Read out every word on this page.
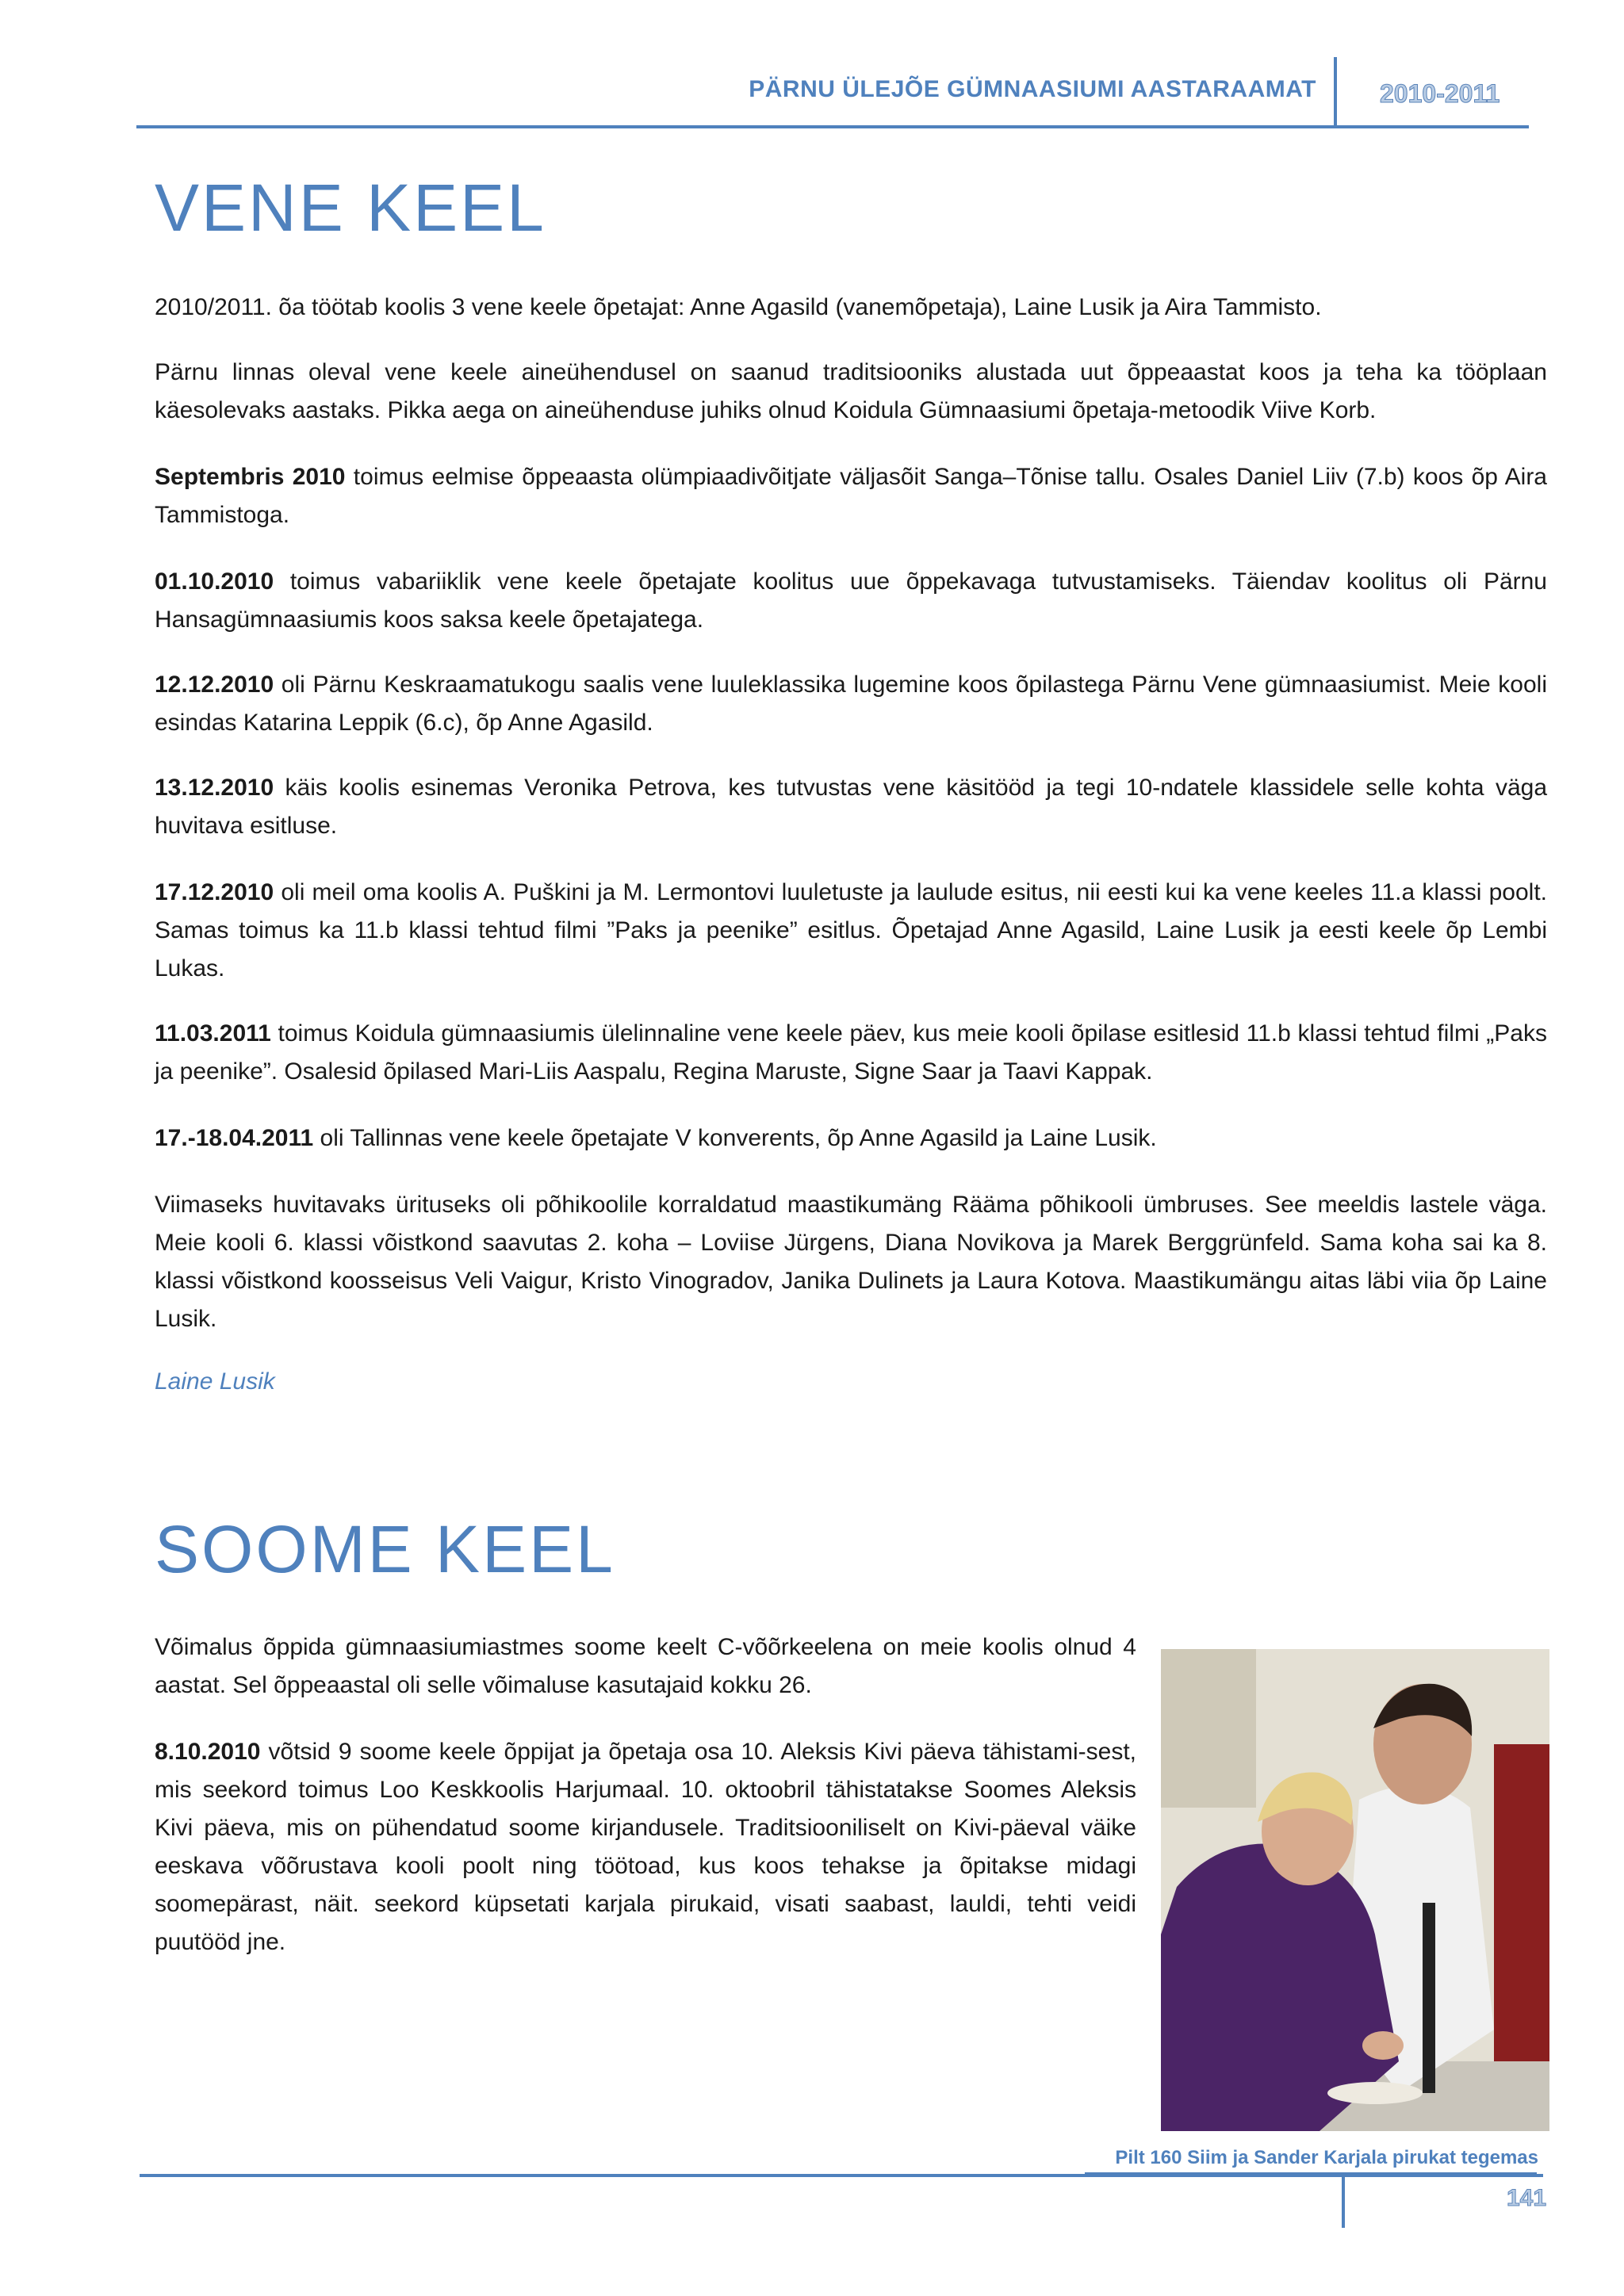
PÄRNU ÜLEJÕE GÜMNAASIUMI AASTARAAMAT	2010-2011
VENE KEEL

2010/2011. õa töötab koolis 3 vene keele õpetajat: Anne Agasild (vanemõpetaja), Laine Lusik ja Aira Tammisto.

Pärnu linnas oleval vene keele aineühendusel on saanud traditsiooniks alustada uut õppeaastat koos ja teha ka tööplaan käesolevaks aastaks. Pikka aega on aineühenduse juhiks olnud Koidula Gümnaasiumi õpetaja-metoodik Viive Korb.

Septembris 2010 toimus eelmise õppeaasta olümpiaadivõitjate väljasõit Sanga–Tõnise tallu. Osales Daniel Liiv (7.b) koos õp Aira Tammistoga.

01.10.2010 toimus vabariiklik vene keele õpetajate koolitus uue õppekavaga tutvustamiseks. Täiendav koolitus oli Pärnu Hansagümnaasiumis koos saksa keele õpetajatega.

12.12.2010 oli Pärnu Keskraamatukogu saalis vene luuleklassika lugemine koos õpilastega Pärnu Vene gümnaasiumist. Meie kooli esindas Katarina Leppik (6.c), õp Anne Agasild.

13.12.2010 käis koolis esinemas Veronika Petrova, kes tutvustas vene käsitööd ja tegi 10-ndatele klassidele selle kohta väga huvitava esitluse.

17.12.2010 oli meil oma koolis A. Puškini ja M. Lermontovi luuletuste ja laulude esitus, nii eesti kui ka vene keeles 11.a klassi poolt. Samas toimus ka 11.b klassi tehtud filmi ”Paks ja peenike” esitlus. Õpetajad Anne Agasild, Laine Lusik ja eesti keele õp Lembi Lukas.

11.03.2011 toimus Koidula gümnaasiumis ülelinnaline vene keele päev, kus meie kooli õpilase esitlesid 11.b klassi tehtud filmi „Paks ja peenike”. Osalesid õpilased Mari-Liis Aaspalu, Regina Maruste, Signe Saar ja Taavi Kappak.

17.-18.04.2011 oli Tallinnas vene keele õpetajate V konverents, õp Anne Agasild ja Laine Lusik.

Viimaseks huvitavaks ürituseks oli põhikoolile korraldatud maastikumäng Rääma põhikooli ümbruses. See meeldis lastele väga. Meie kooli 6. klassi võistkond saavutas 2. koha – Loviise Jürgens, Diana Novikova ja Marek Berggrünfeld. Sama koha sai ka 8. klassi võistkond koosseisus Veli Vaigur, Kristo Vinogradov, Janika Dulinets ja Laura Kotova. Maastikumängu aitas läbi viia õp Laine Lusik.

Laine Lusik
SOOME KEEL

Võimalus õppida gümnaasiumiastmes soome keelt C-võõrkeelena on meie koolis olnud 4 aastat. Sel õppeaastal oli selle võimaluse kasutajaid kokku 26.

8.10.2010 võtsid 9 soome keele õppijat ja õpetaja osa 10. Aleksis Kivi päeva tähistami-sest, mis seekord toimus Loo Keskkoolis Harjumaal. 10. oktoobril tähistatakse Soomes Aleksis Kivi päeva, mis on pühendatud soome kirjandusele. Traditsiooniliselt on Kivi-päeval väike eeskava võõrustava kooli poolt ning töötoad, kus koos tehakse ja õpitakse midagi soomepärast, näit. seekord küpsetati karjala pirukaid, visati saabast, lauldi, tehti veidi puutööd jne.

Pilt 160 Siim ja Sander Karjala pirukat tegemas
141
